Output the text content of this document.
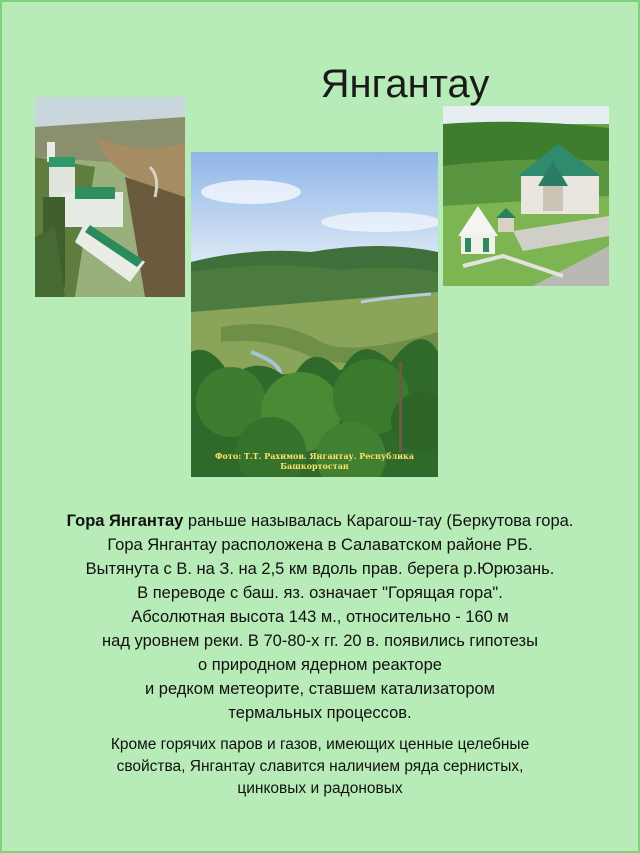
Янгантау
Фото: Т.Т. Рахимов. Янгантау. Республика Башкортостан
Гора Янгантау раньше называлась Карагош-тау (Беркутова гора.
Гора Янгантау расположена в Салаватском районе РБ.
Вытянута с В. на З. на 2,5 км вдоль прав. берега р.Юрюзань.
В переводе с баш. яз. означает "Горящая гора".
Абсолютная высота 143 м., относительно - 160 м
над уровнем реки. В 70-80-х гг. 20 в. появились гипотезы
о природном ядерном реакторе
и редком метеорите, ставшем катализатором
термальных процессов.
Кроме горячих паров и газов, имеющих ценные целебные
свойства, Янгантау славится наличием ряда сернистых,
цинковых и радоновых
